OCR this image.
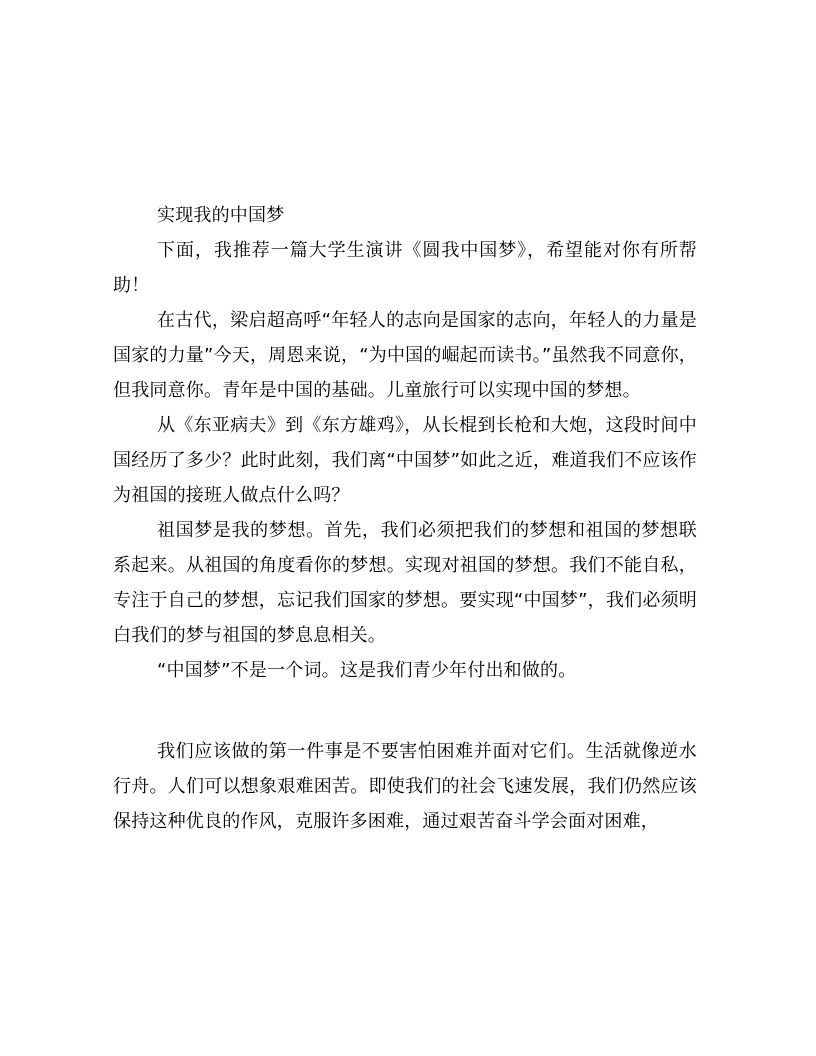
实现我的中国梦

下面，我推荐一篇大学生演讲《圆我中国梦》，希望能对你有所帮助！

在古代，梁启超高呼“年轻人的志向是国家的志向，年轻人的力量是国家的力量”今天，周恩来说，“为中国的崛起而读书。”虽然我不同意你，但我同意你。青年是中国的基础。儿童旅行可以实现中国的梦想。

从《东亚病夫》到《东方雄鸡》，从长棍到长枪和大炮，这段时间中国经历了多少？此时此刻，我们离“中国梦”如此之近，难道我们不应该作为祖国的接班人做点什么吗？

祖国梦是我的梦想。首先，我们必须把我们的梦想和祖国的梦想联系起来。从祖国的角度看你的梦想。实现对祖国的梦想。我们不能自私，专注于自己的梦想，忘记我们国家的梦想。要实现“中国梦”，我们必须明白我们的梦与祖国的梦息息相关。

“中国梦”不是一个词。这是我们青少年付出和做的。

我们应该做的第一件事是不要害怕困难并面对它们。生活就像逆水行舟。人们可以想象艰难困苦。即使我们的社会飞速发展，我们仍然应该保持这种优良的作风，克服许多困难，通过艰苦奋斗学会面对困难，
